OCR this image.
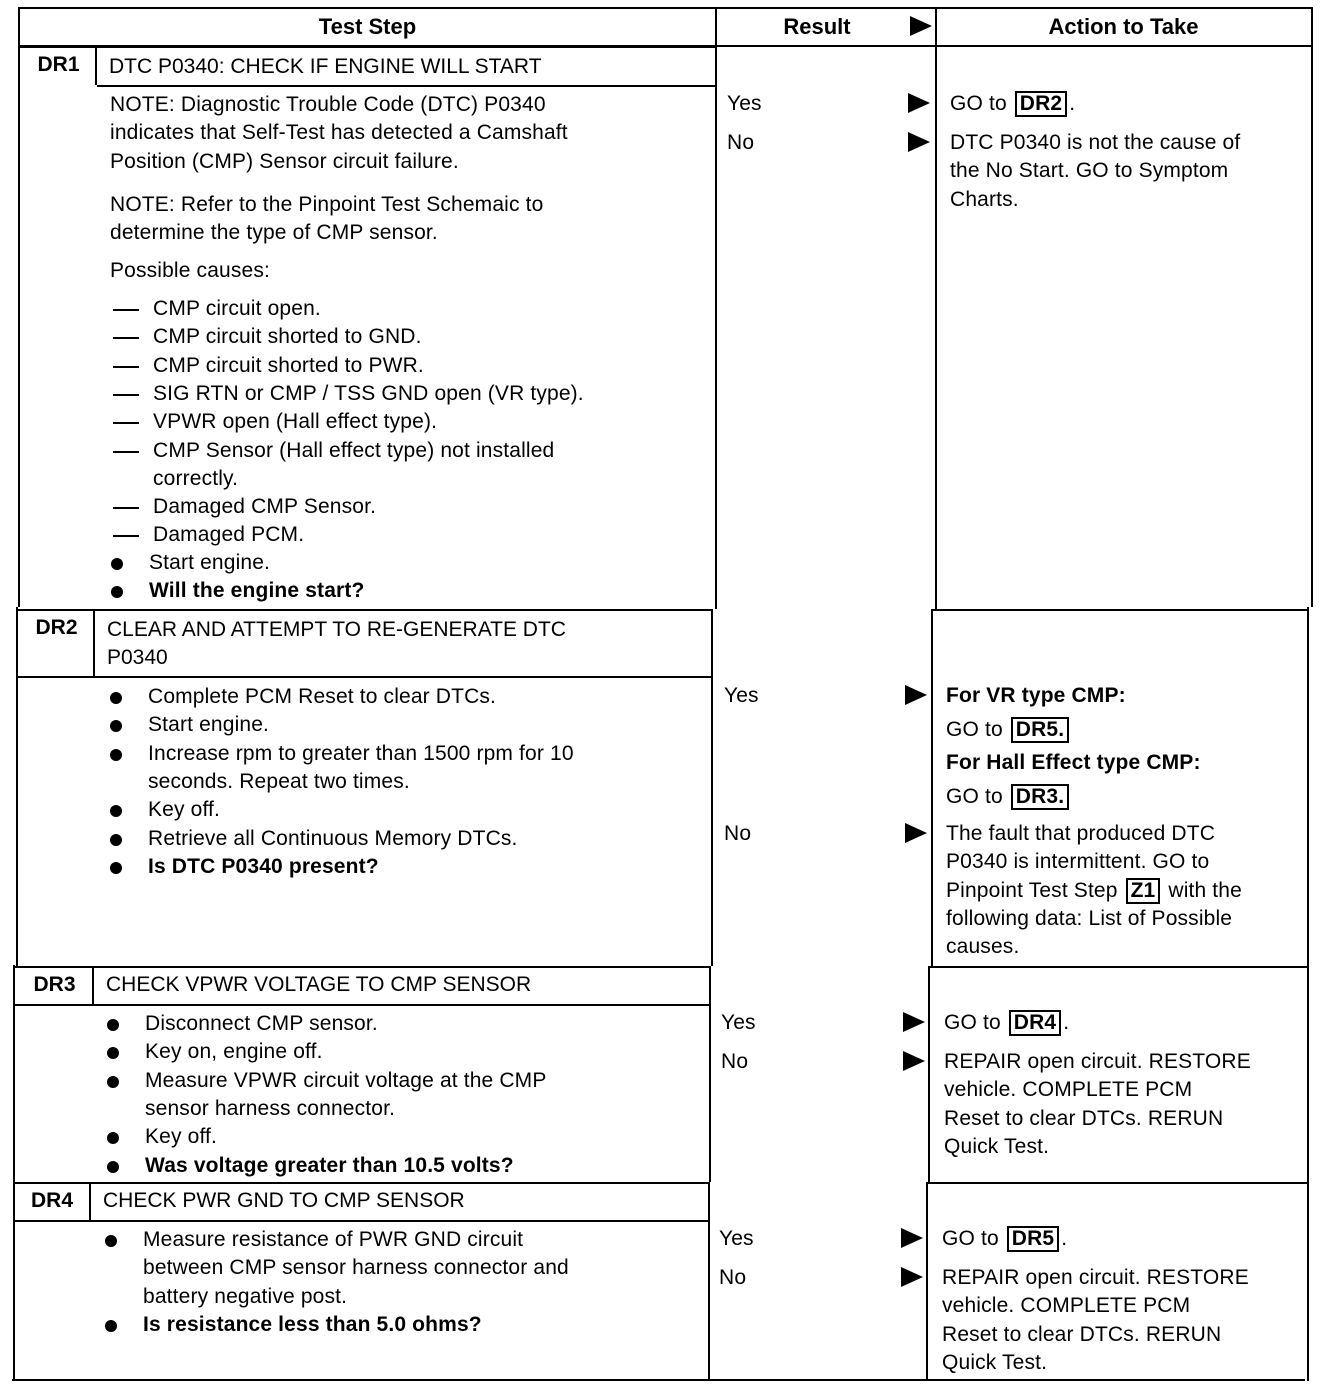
Test Step	Result	Action to Take
DR1	DTC P0340: CHECK IF ENGINE WILL START
NOTE: Diagnostic Trouble Code (DTC) P0340
indicates that Self-Test has detected a Camshaft
Position (CMP) Sensor circuit failure.
NOTE: Refer to the Pinpoint Test Schemaic to
determine the type of CMP sensor.
Possible causes:
CMP circuit open.
CMP circuit shorted to GND.
CMP circuit shorted to PWR.
SIG RTN or CMP / TSS GND open (VR type).
VPWR open (Hall effect type).
CMP Sensor (Hall effect type) not installed
correctly.
Damaged CMP Sensor.
Damaged PCM.
Start engine.
Will the engine start?
Yes	GO to DR2 .
No	DTC P0340 is not the cause of
the No Start. GO to Symptom
Charts.
DR2	CLEAR AND ATTEMPT TO RE-GENERATE DTC
P0340
Complete PCM Reset to clear DTCs.
Start engine.
Increase rpm to greater than 1500 rpm for 10
seconds. Repeat two times.
Key off.
Retrieve all Continuous Memory DTCs.
Is DTC P0340 present?
Yes	For VR type CMP:
GO to DR5.
For Hall Effect type CMP:
GO to DR3.
No	The fault that produced DTC
P0340 is intermittent. GO to
Pinpoint Test Step Z1 with the
following data: List of Possible
causes.
DR3	CHECK VPWR VOLTAGE TO CMP SENSOR
Disconnect CMP sensor.
Key on, engine off.
Measure VPWR circuit voltage at the CMP
sensor harness connector.
Key off.
Was voltage greater than 10.5 volts?
Yes	GO to DR4 .
No	REPAIR open circuit. RESTORE
vehicle. COMPLETE PCM
Reset to clear DTCs. RERUN
Quick Test.
DR4	CHECK PWR GND TO CMP SENSOR
Measure resistance of PWR GND circuit
between CMP sensor harness connector and
battery negative post.
Is resistance less than 5.0 ohms?
Yes	GO to DR5 .
No	REPAIR open circuit. RESTORE
vehicle. COMPLETE PCM
Reset to clear DTCs. RERUN
Quick Test.
